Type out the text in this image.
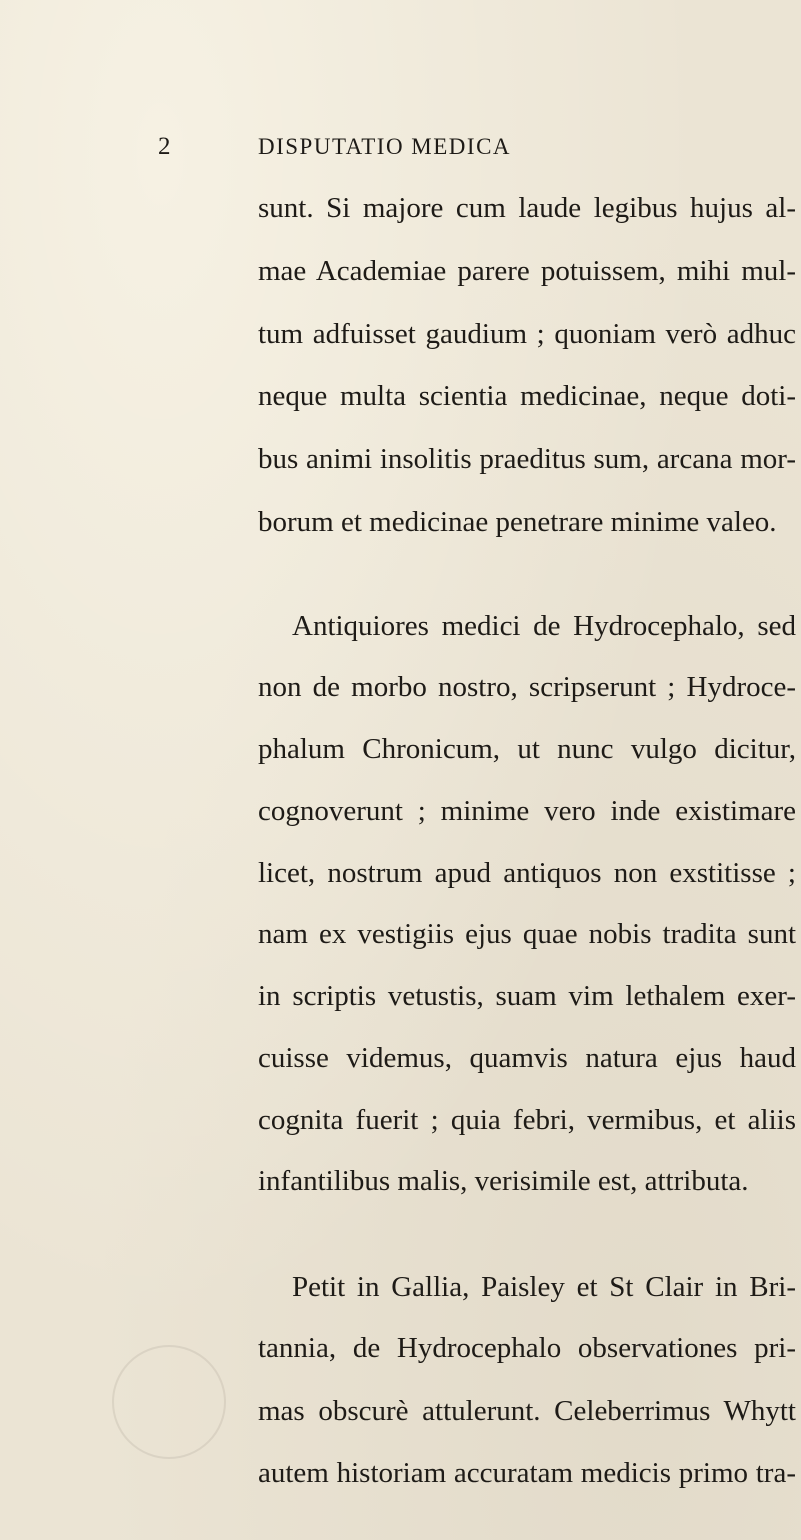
2	DISPUTATIO MEDICA
sunt. Si majore cum laude legibus hujus al-
mae Academiae parere potuissem, mihi mul-
tum adfuisset gaudium ; quoniam verò adhuc
neque multa scientia medicinae, neque doti-
bus animi insolitis praeditus sum, arcana mor-
borum et medicinae penetrare minime valeo.
Antiquiores medici de Hydrocephalo, sed
non de morbo nostro, scripserunt ; Hydroce-
phalum Chronicum, ut nunc vulgo dicitur,
cognoverunt ; minime vero inde existimare
licet, nostrum apud antiquos non exstitisse ;
nam ex vestigiis ejus quae nobis tradita sunt
in scriptis vetustis, suam vim lethalem exer-
cuisse videmus, quamvis natura ejus haud
cognita fuerit ; quia febri, vermibus, et aliis
infantilibus malis, verisimile est, attributa.
Petit in Gallia, Paisley et St Clair in Bri-
tannia, de Hydrocephalo observationes pri-
mas obscurè attulerunt. Celeberrimus Whytt
autem historiam accuratam medicis primo tra-
